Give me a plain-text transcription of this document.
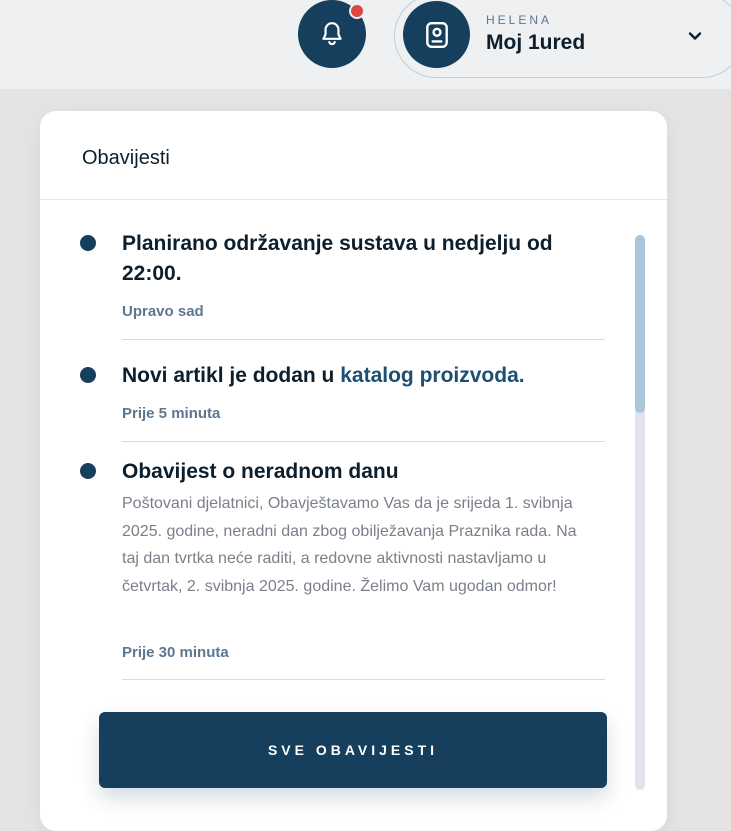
HELENA
Moj 1ured
Obavijesti
Planirano održavanje sustava u nedjelju od 22:00.
Upravo sad
Novi artikl je dodan u katalog proizvoda.
Prije 5 minuta
Obavijest o neradnom danu
Poštovani djelatnici, Obavještavamo Vas da je srijeda 1. svibnja 2025. godine, neradni dan zbog obilježavanja Praznika rada. Na taj dan tvrtka neće raditi, a redovne aktivnosti nastavljamo u četvrtak, 2. svibnja 2025. godine. Želimo Vam ugodan odmor!
Prije 30 minuta
SVE OBAVIJESTI
